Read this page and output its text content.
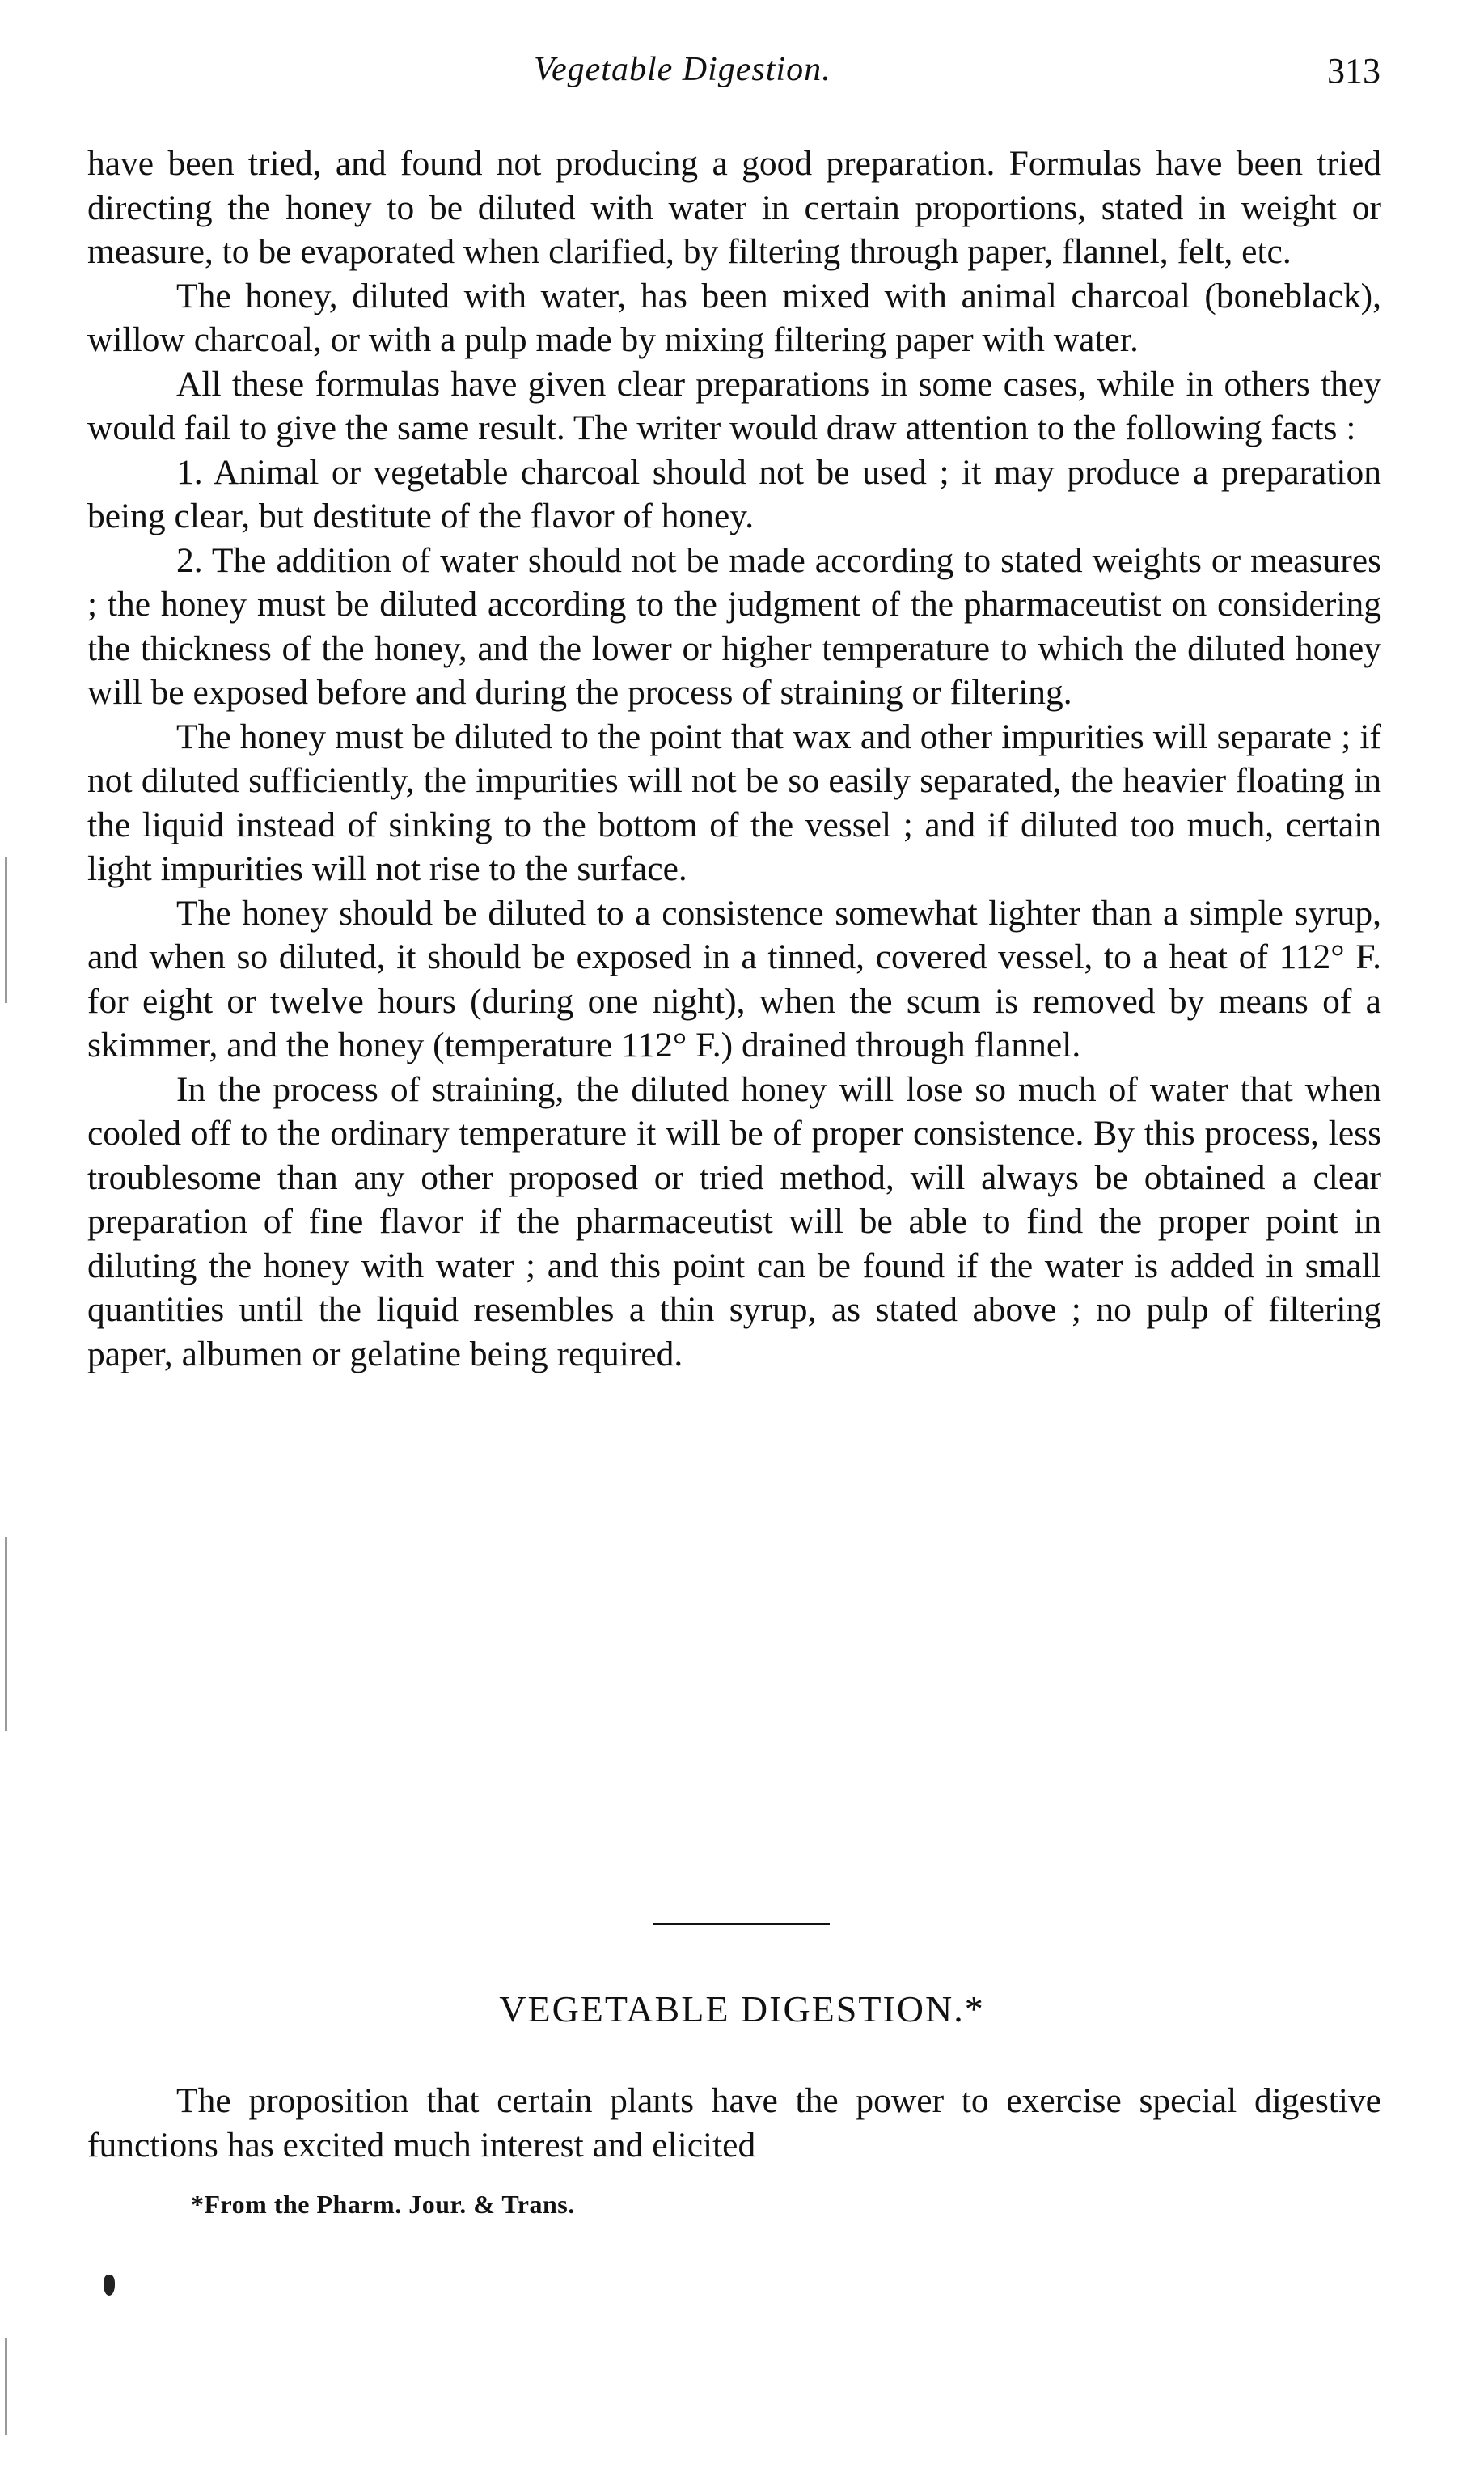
Vegetable Digestion.	313

have been tried, and found not producing a good preparation. Formulas have been tried directing the honey to be diluted with water in certain proportions, stated in weight or measure, to be evaporated when clarified, by filtering through paper, flannel, felt, etc.

The honey, diluted with water, has been mixed with animal charcoal (boneblack), willow charcoal, or with a pulp made by mixing filtering paper with water.

All these formulas have given clear preparations in some cases, while in others they would fail to give the same result. The writer would draw attention to the following facts :

1. Animal or vegetable charcoal should not be used ; it may produce a preparation being clear, but destitute of the flavor of honey.

2. The addition of water should not be made according to stated weights or measures ; the honey must be diluted according to the judgment of the pharmaceutist on considering the thickness of the honey, and the lower or higher temperature to which the diluted honey will be exposed before and during the process of straining or filtering.

The honey must be diluted to the point that wax and other impurities will separate ; if not diluted sufficiently, the impurities will not be so easily separated, the heavier floating in the liquid instead of sinking to the bottom of the vessel ; and if diluted too much, certain light impurities will not rise to the surface.

The honey should be diluted to a consistence somewhat lighter than a simple syrup, and when so diluted, it should be exposed in a tinned, covered vessel, to a heat of 112° F. for eight or twelve hours (during one night), when the scum is removed by means of a skimmer, and the honey (temperature 112° F.) drained through flannel.

In the process of straining, the diluted honey will lose so much of water that when cooled off to the ordinary temperature it will be of proper consistence. By this process, less troublesome than any other proposed or tried method, will always be obtained a clear preparation of fine flavor if the pharmaceutist will be able to find the proper point in diluting the honey with water ; and this point can be found if the water is added in small quantities until the liquid resembles a thin syrup, as stated above ; no pulp of filtering paper, albumen or gelatine being required.

VEGETABLE DIGESTION.*

The proposition that certain plants have the power to exercise special digestive functions has excited much interest and elicited

*From the Pharm. Jour. & Trans.
